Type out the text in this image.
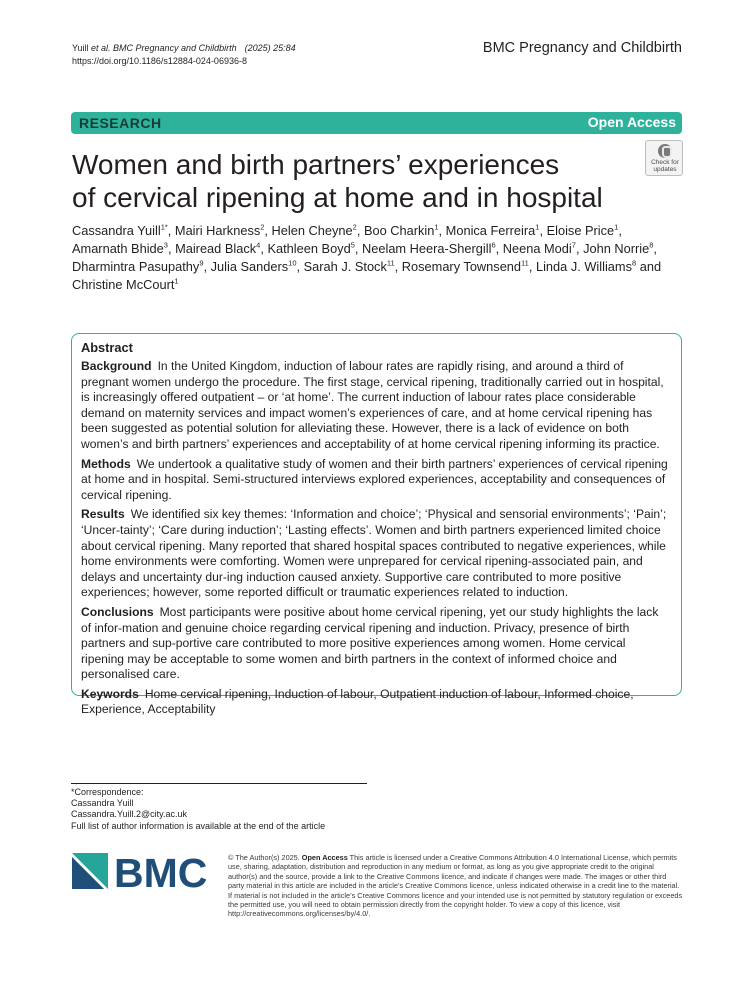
Yuill et al. BMC Pregnancy and Childbirth (2025) 25:84
https://doi.org/10.1186/s12884-024-06936-8
BMC Pregnancy and Childbirth
RESEARCH	Open Access
Women and birth partners’ experiences
of cervical ripening at home and in hospital
Check for
updates
Cassandra Yuill$^{1*}$, Mairi Harkness$^2$, Helen Cheyne$^2$, Boo Charkin$^1$, Monica Ferreira$^1$, Eloise Price$^1$, Amarnath Bhide$^3$, Mairead Black$^4$, Kathleen Boyd$^5$, Neelam Heera-Shergill$^6$, Neena Modi$^7$, John Norrie$^8$, Dharmintra Pasupathy$^9$, Julia Sanders$^{10}$, Sarah J. Stock$^{11}$, Rosemary Townsend$^{11}$, Linda J. Williams$^8$ and Christine McCourt$^1$
Abstract

Background In the United Kingdom, induction of labour rates are rapidly rising, and around a third of pregnant women undergo the procedure. The first stage, cervical ripening, traditionally carried out in hospital, is increasingly offered outpatient – or ‘at home’. The current induction of labour rates place considerable demand on maternity services and impact women’s experiences of care, and at home cervical ripening has been suggested as potential solution for alleviating these. However, there is a lack of evidence on both women’s and birth partners’ experiences and acceptability of at home cervical ripening informing its practice.

Methods We undertook a qualitative study of women and their birth partners’ experiences of cervical ripening at home and in hospital. Semi-structured interviews explored experiences, acceptability and consequences of cervical ripening.

Results We identified six key themes: ‘Information and choice’; ‘Physical and sensorial environments’; ‘Pain’; ‘Uncer-tainty’; ‘Care during induction’; ‘Lasting effects’. Women and birth partners experienced limited choice about cervical ripening. Many reported that shared hospital spaces contributed to negative experiences, while home environments were comforting. Women were unprepared for cervical ripening-associated pain, and delays and uncertainty dur-ing induction caused anxiety. Supportive care contributed to more positive experiences; however, some reported difficult or traumatic experiences related to induction.

Conclusions Most participants were positive about home cervical ripening, yet our study highlights the lack of infor-mation and genuine choice regarding cervical ripening and induction. Privacy, presence of birth partners and sup-portive care contributed to more positive experiences among women. Home cervical ripening may be acceptable to some women and birth partners in the context of informed choice and personalised care.

Keywords Home cervical ripening, Induction of labour, Outpatient induction of labour, Informed choice, Experience, Acceptability

*Correspondence:
Cassandra Yuill
Cassandra.Yuill.2@city.ac.uk
Full list of author information is available at the end of the article
BMC	© The Author(s) 2025. Open Access This article is licensed under a Creative Commons Attribution 4.0 International License, which permits use, sharing, adaptation, distribution and reproduction in any medium or format, as long as you give appropriate credit to the original author(s) and the source, provide a link to the Creative Commons licence, and indicate if changes were made. The images or other third party material in this article are included in the article’s Creative Commons licence, unless indicated otherwise in a credit line to the material. If material is not included in the article’s Creative Commons licence and your intended use is not permitted by statutory regulation or exceeds the permitted use, you will need to obtain permission directly from the copyright holder. To view a copy of this licence, visit http://creativecommons.org/licenses/by/4.0/.
